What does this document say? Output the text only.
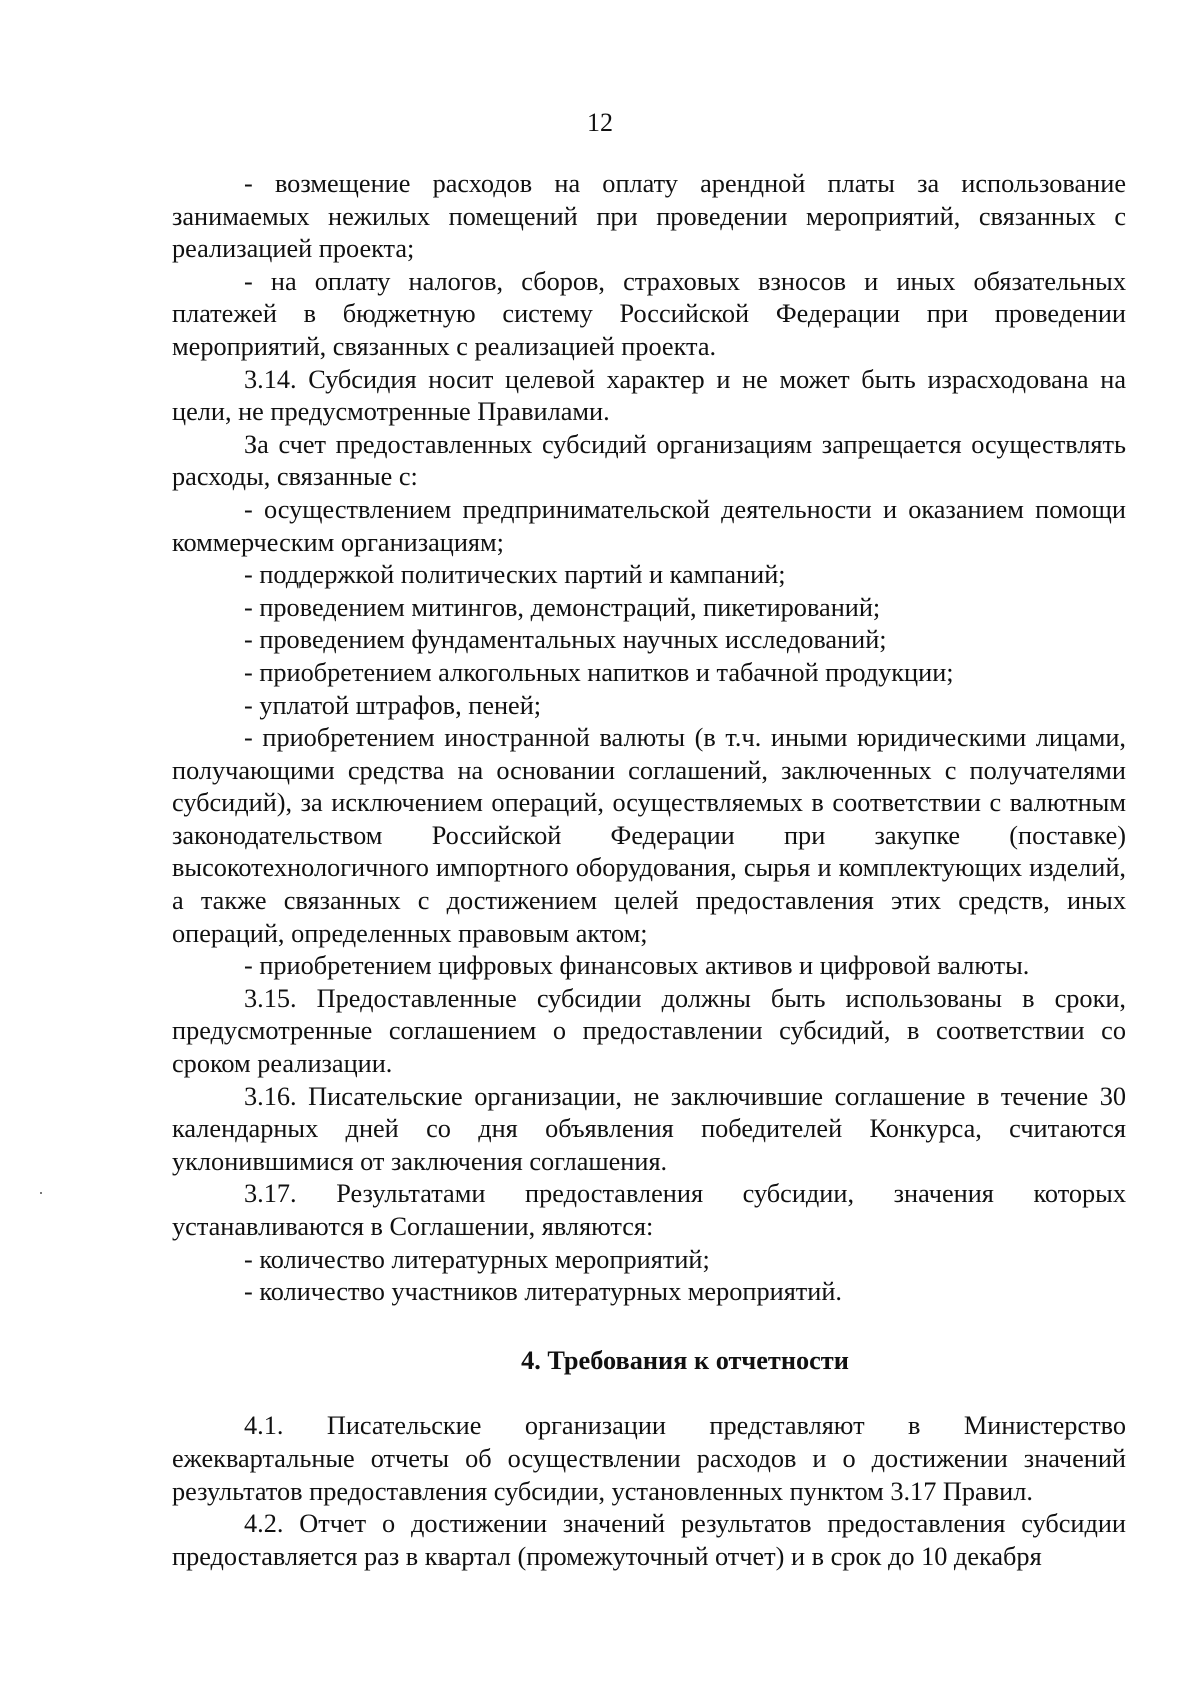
12

- возмещение расходов на оплату арендной платы за использование занимаемых нежилых помещений при проведении мероприятий, связанных с реализацией проекта;

- на оплату налогов, сборов, страховых взносов и иных обязательных платежей в бюджетную систему Российской Федерации при проведении мероприятий, связанных с реализацией проекта.

3.14. Субсидия носит целевой характер и не может быть израсходована на цели, не предусмотренные Правилами.

За счет предоставленных субсидий организациям запрещается осуществлять расходы, связанные с:

- осуществлением предпринимательской деятельности и оказанием помощи коммерческим организациям;

- поддержкой политических партий и кампаний;

- проведением митингов, демонстраций, пикетирований;

- проведением фундаментальных научных исследований;

- приобретением алкогольных напитков и табачной продукции;

- уплатой штрафов, пеней;

- приобретением иностранной валюты (в т.ч. иными юридическими лицами, получающими средства на основании соглашений, заключенных с получателями субсидий), за исключением операций, осуществляемых в соответствии с валютным законодательством Российской Федерации при закупке (поставке) высокотехнологичного импортного оборудования, сырья и комплектующих изделий, а также связанных с достижением целей предоставления этих средств, иных операций, определенных правовым актом;

- приобретением цифровых финансовых активов и цифровой валюты.

3.15. Предоставленные субсидии должны быть использованы в сроки, предусмотренные соглашением о предоставлении субсидий, в соответствии со сроком реализации.

3.16. Писательские организации, не заключившие соглашение в течение 30 календарных дней со дня объявления победителей Конкурса, считаются уклонившимися от заключения соглашения.

3.17. Результатами предоставления субсидии, значения которых устанавливаются в Соглашении, являются:

- количество литературных мероприятий;

- количество участников литературных мероприятий.

4. Требования к отчетности

4.1. Писательские организации представляют в Министерство ежеквартальные отчеты об осуществлении расходов и о достижении значений результатов предоставления субсидии, установленных пунктом 3.17 Правил.

4.2. Отчет о достижении значений результатов предоставления субсидии предоставляется раз в квартал (промежуточный отчет) и в срок до 10 декабря
